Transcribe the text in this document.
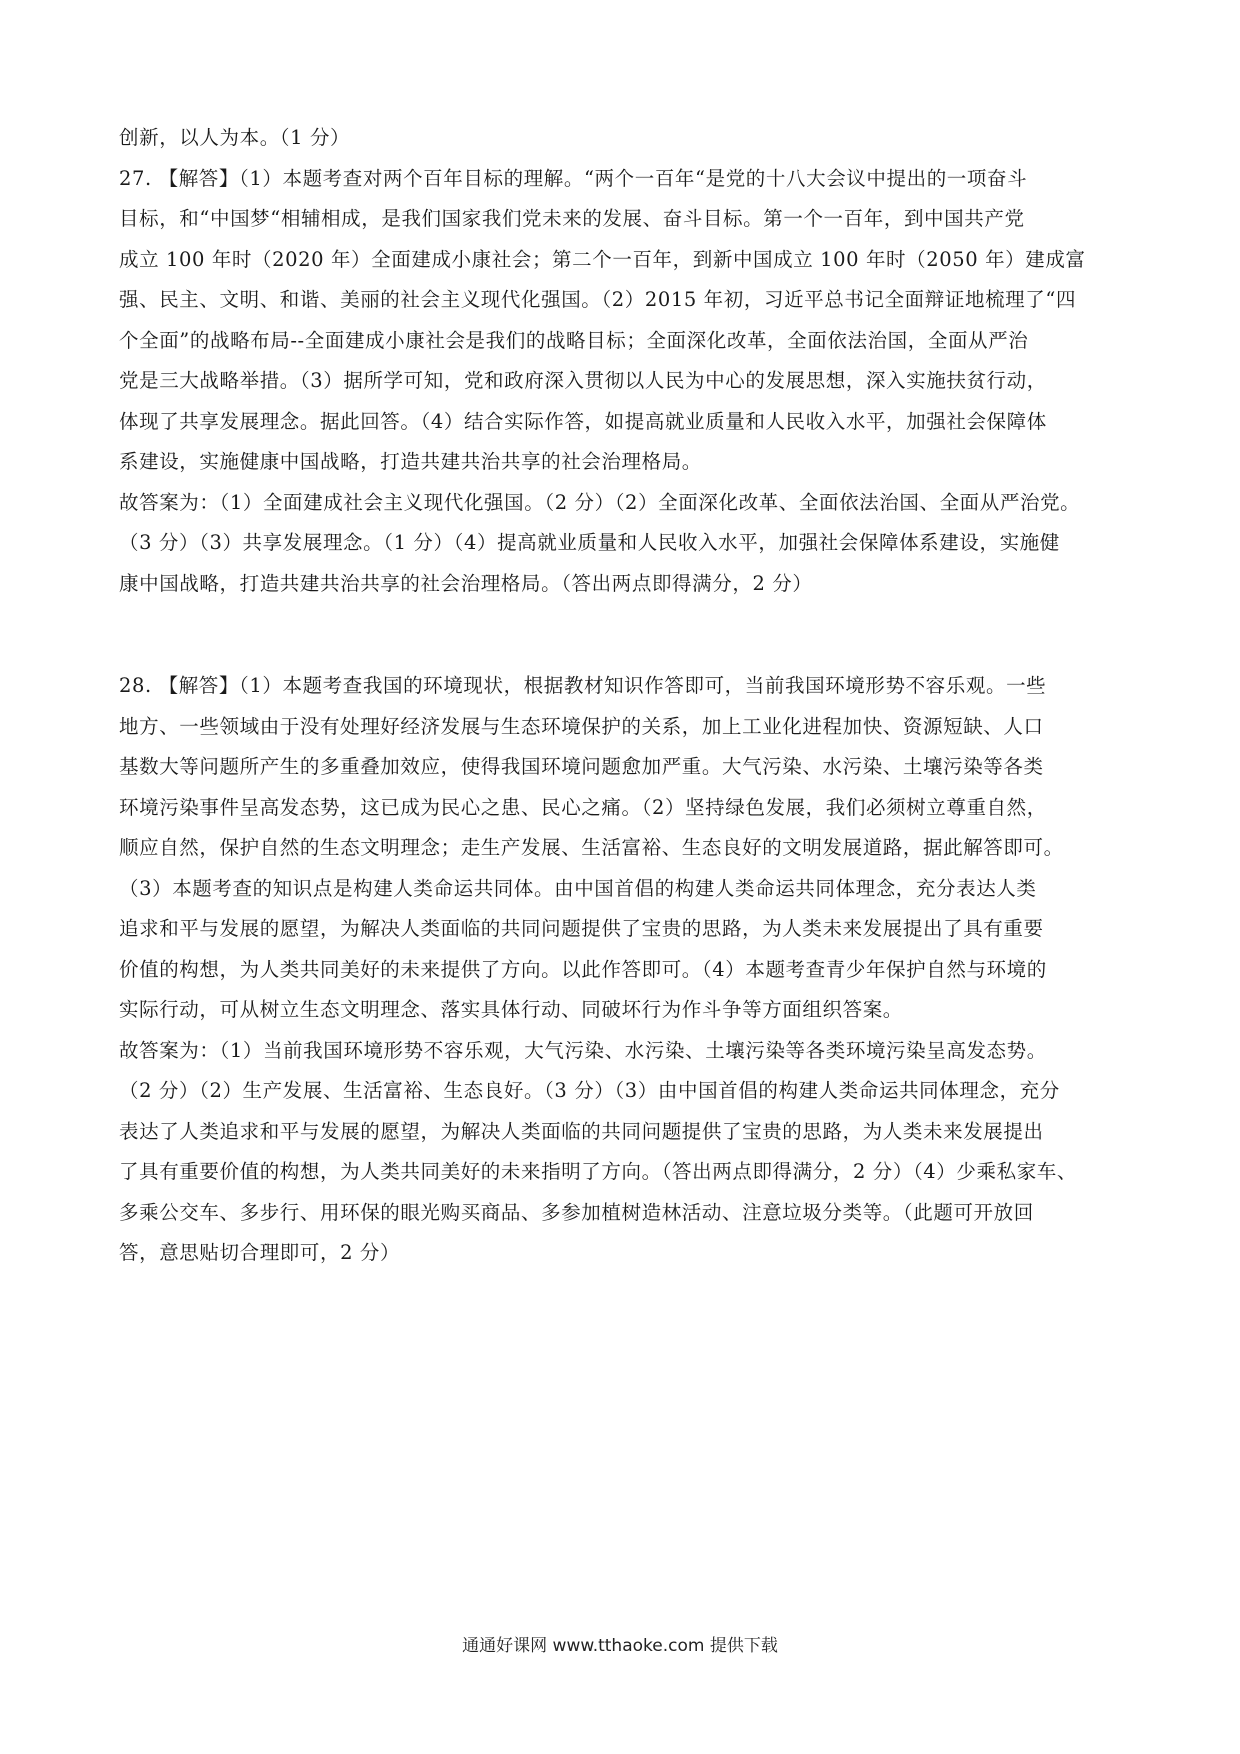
创新，以人为本。（1 分）
27. 【解答】（1）本题考查对两个百年目标的理解。“两个一百年“是党的十八大会议中提出的一项奋斗
目标，和“中国梦“相辅相成，是我们国家我们党未来的发展、奋斗目标。第一个一百年，到中国共产党
成立 100 年时（2020 年）全面建成小康社会；第二个一百年，到新中国成立 100 年时（2050 年）建成富
强、民主、文明、和谐、美丽的社会主义现代化强国。（2）2015 年初，习近平总书记全面辩证地梳理了“四
个全面”的战略布局--全面建成小康社会是我们的战略目标；全面深化改革，全面依法治国，全面从严治
党是三大战略举措。（3）据所学可知，党和政府深入贯彻以人民为中心的发展思想，深入实施扶贫行动，
体现了共享发展理念。据此回答。（4）结合实际作答，如提高就业质量和人民收入水平，加强社会保障体
系建设，实施健康中国战略，打造共建共治共享的社会治理格局。
故答案为：（1）全面建成社会主义现代化强国。（2 分）（2）全面深化改革、全面依法治国、全面从严治党。
（3 分）（3）共享发展理念。（1 分）（4）提高就业质量和人民收入水平，加强社会保障体系建设，实施健
康中国战略，打造共建共治共享的社会治理格局。（答出两点即得满分，2 分）
28. 【解答】（1）本题考查我国的环境现状，根据教材知识作答即可，当前我国环境形势不容乐观。一些
地方、一些领域由于没有处理好经济发展与生态环境保护的关系，加上工业化进程加快、资源短缺、人口
基数大等问题所产生的多重叠加效应，使得我国环境问题愈加严重。大气污染、水污染、土壤污染等各类
环境污染事件呈高发态势，这已成为民心之患、民心之痛。（2）坚持绿色发展，我们必须树立尊重自然，
顺应自然，保护自然的生态文明理念；走生产发展、生活富裕、生态良好的文明发展道路，据此解答即可。
（3）本题考查的知识点是构建人类命运共同体。由中国首倡的构建人类命运共同体理念，充分表达人类
追求和平与发展的愿望，为解决人类面临的共同问题提供了宝贵的思路，为人类未来发展提出了具有重要
价值的构想，为人类共同美好的未来提供了方向。以此作答即可。（4）本题考查青少年保护自然与环境的
实际行动，可从树立生态文明理念、落实具体行动、同破坏行为作斗争等方面组织答案。
故答案为：（1）当前我国环境形势不容乐观，大气污染、水污染、土壤污染等各类环境污染呈高发态势。
（2 分）（2）生产发展、生活富裕、生态良好。（3 分）（3）由中国首倡的构建人类命运共同体理念，充分
表达了人类追求和平与发展的愿望，为解决人类面临的共同问题提供了宝贵的思路，为人类未来发展提出
了具有重要价值的构想，为人类共同美好的未来指明了方向。（答出两点即得满分，2 分）（4）少乘私家车、
多乘公交车、多步行、用环保的眼光购买商品、多参加植树造林活动、注意垃圾分类等。（此题可开放回
答，意思贴切合理即可，2 分）
通通好课网 www.tthaoke.com 提供下载
